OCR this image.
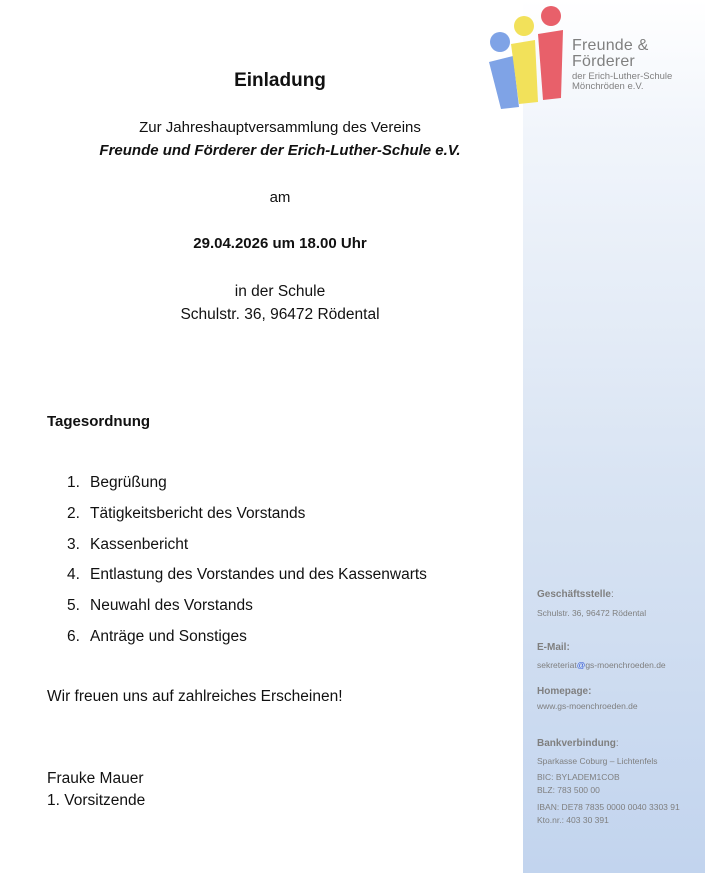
Freunde &
Förderer
der Erich-Luther-Schule
Mönchröden e.V.
Einladung
Zur Jahreshauptversammlung des Vereins
Freunde und Förderer der Erich-Luther-Schule e.V.
am
29.04.2026 um 18.00 Uhr
in der Schule
Schulstr. 36, 96472 Rödental
Tagesordnung
1. Begrüßung
2. Tätigkeitsbericht des Vorstands
3. Kassenbericht
4. Entlastung des Vorstandes und des Kassenwarts
5. Neuwahl des Vorstands
6. Anträge und Sonstiges
Wir freuen uns auf zahlreiches Erscheinen!
Frauke Mauer
1. Vorsitzende
Geschäftsstelle:
Schulstr. 36, 96472 Rödental
E-Mail:
sekreteriat@gs-moenchroeden.de
Homepage:
www.gs-moenchroeden.de
Bankverbindung:
Sparkasse Coburg – Lichtenfels
BIC: BYLADEM1COB
BLZ: 783 500 00
IBAN: DE78 7835 0000 0040 3303 91
Kto.nr.: 403 30 391
